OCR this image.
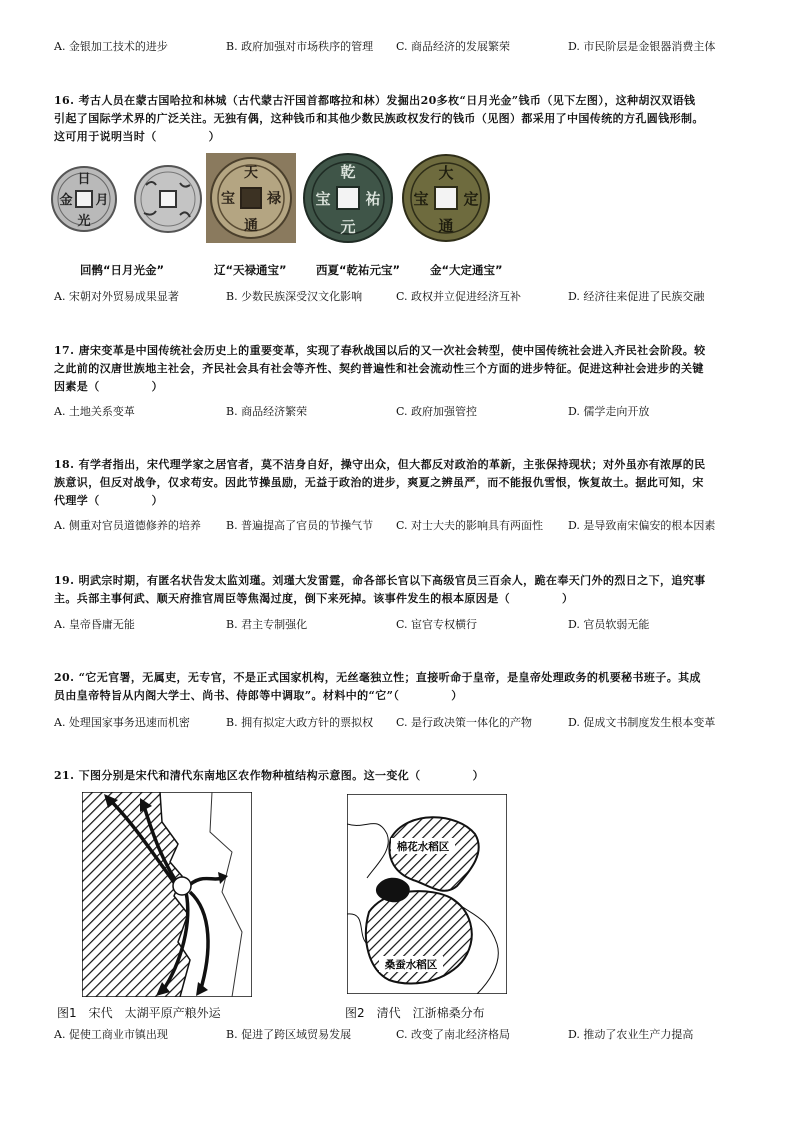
A. 金银加工技术的进步	B. 政府加强对市场秩序的管理 C. 商品经济的发展繁荣	D. 市民阶层是金银器消费主体
16. 考古人员在蒙古国哈拉和林城（古代蒙古汗国首都喀拉和林）发掘出20多枚“日月光金”钱币（见下左图），这种胡汉双语钱
引起了国际学术界的广泛关注。无独有偶，这种钱币和其他少数民族政权发行的钱币（见图）都采用了中国传统的方孔圆钱形制。
这可用于说明当时（	）
日
月
光
金
天
禄
通
宝
乾
祐
元
宝
大
定
通
宝
回鹘“日月光金”	辽“天禄通宝”	西夏“乾祐元宝”	金“大定通宝”
A. 宋朝对外贸易成果显著	B. 少数民族深受汉文化影响	C. 政权并立促进经济互补	D. 经济往来促进了民族交融
17. 唐宋变革是中国传统社会历史上的重要变革，实现了春秋战国以后的又一次社会转型，使中国传统社会进入齐民社会阶段。较
之此前的汉唐世族地主社会，齐民社会具有社会等齐性、契约普遍性和社会流动性三个方面的进步特征。促进这种社会进步的关键
因素是（	）
A. 土地关系变革	B. 商品经济繁荣	C. 政府加强管控	D. 儒学走向开放
18. 有学者指出，宋代理学家之居官者，莫不洁身自好，操守出众，但大都反对政治的革新，主张保持现状；对外虽亦有浓厚的民
族意识，但反对战争，仅求苟安。因此节操虽励，无益于政治的进步，爽夏之辨虽严，而不能报仇雪恨，恢复故土。据此可知，宋
代理学（	）
A. 侧重对官员道德修养的培养 B. 普遍提高了官员的节操气节 C. 对士大夫的影响具有两面性 D. 是导致南宋偏安的根本因素
19. 明武宗时期，有匿名状告发太监刘瑾。刘瑾大发雷霆，命各部长官以下高级官员三百余人，跪在奉天门外的烈日之下，追究事
主。兵部主事何武、顺天府推官周臣等焦渴过度，倒下来死掉。该事件发生的根本原因是（	）
A. 皇帝昏庸无能	B. 君主专制强化	C. 宦官专权横行	D. 官员软弱无能
20. “它无官署，无属吏，无专官，不是正式国家机构，无丝毫独立性；直接听命于皇帝，是皇帝处理政务的机要秘书班子。其成
员由皇帝特旨从内阁大学士、尚书、侍郎等中调取”。材料中的“它”（	）
A. 处理国家事务迅速而机密	B. 拥有拟定大政方针的票拟权 C. 是行政决策一体化的产物	D. 促成文书制度发生根本变革
21. 下图分别是宋代和清代东南地区农作物种植结构示意图。这一变化（	）
棉花水稻区
桑蚕水稻区
图1　宋代　太湖平原产粮外运	图2　清代　江浙棉桑分布
A. 促使工商业市镇出现	B. 促进了跨区域贸易发展	C. 改变了南北经济格局	D. 推动了农业生产力提高
